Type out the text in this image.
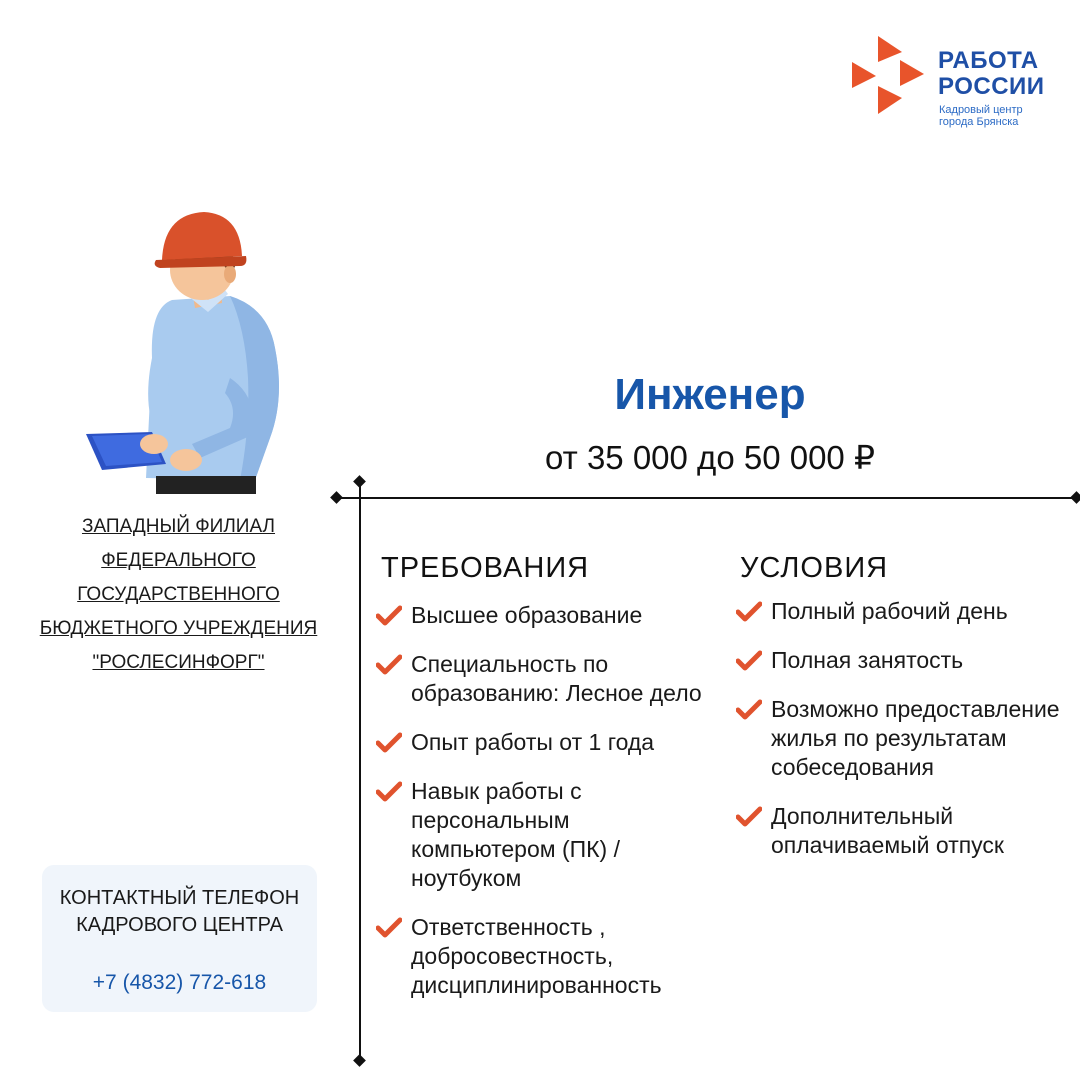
РАБОТА
РОССИИ
Кадровый центр
города Брянска
Инженер
от 35 000 до 50 000 ₽
ЗАПАДНЫЙ ФИЛИАЛ
ФЕДЕРАЛЬНОГО
ГОСУДАРСТВЕННОГО
БЮДЖЕТНОГО УЧРЕЖДЕНИЯ
"РОСЛЕСИНФОРГ"
КОНТАКТНЫЙ ТЕЛЕФОН
КАДРОВОГО ЦЕНТРА
+7 (4832) 772-618
ТРЕБОВАНИЯ
Высшее образование
Специальность по образованию: Лесное дело
Опыт работы от 1 года
Навык работы с персональным компьютером (ПК) / ноутбуком
Ответственность , добросовестность, дисциплинированность
УСЛОВИЯ
Полный рабочий день
Полная занятость
Возможно предоставление жилья по результатам собеседования
Дополнительный оплачиваемый отпуск
